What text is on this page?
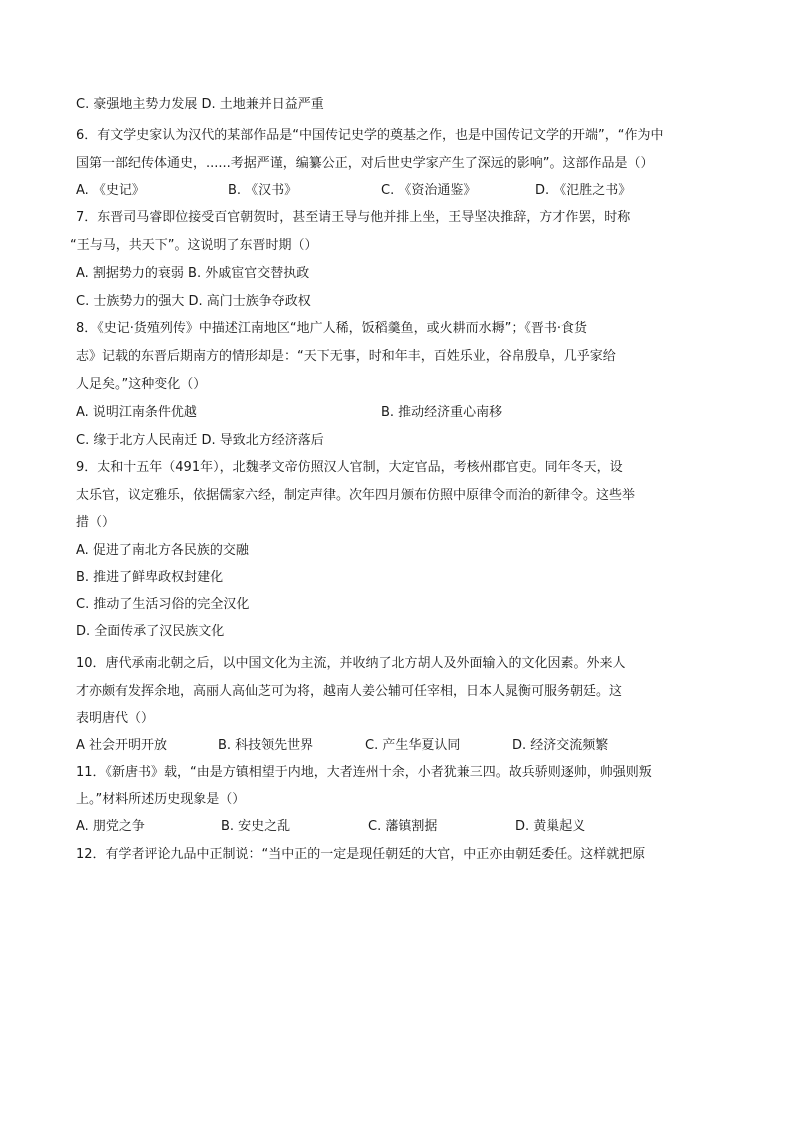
C. 豪强地主势力发展 D. 土地兼并日益严重
6．有文学史家认为汉代的某部作品是“中国传记史学的奠基之作，也是中国传记文学的开端”，“作为中
国第一部纪传体通史，......考据严谨，编纂公正，对后世史学家产生了深远的影响”。这部作品是（）
A. 《史记》	B. 《汉书》	C. 《资治通鉴》	D. 《氾胜之书》
7．东晋司马睿即位接受百官朝贺时，甚至请王导与他并排上坐，王导坚决推辞，方才作罢，时称
“王与马，共天下”。这说明了东晋时期（）
A. 割据势力的衰弱 B. 外戚宦官交替执政
C. 士族势力的强大 D. 高门士族争夺政权
8．《史记·货殖列传》中描述江南地区“地广人稀，饭稻羹鱼，或火耕而水耨”；《晋书·食货
志》记载的东晋后期南方的情形却是：“天下无事，时和年丰，百姓乐业，谷帛殷阜，几乎家给
人足矣。”这种变化（）
A. 说明江南条件优越	B. 推动经济重心南移
C. 缘于北方人民南迁 D. 导致北方经济落后
9．太和十五年（491年），北魏孝文帝仿照汉人官制，大定官品，考核州郡官吏。同年冬天，设
太乐官，议定雅乐，依据儒家六经，制定声律。次年四月颁布仿照中原律令而治的新律令。这些举
措（）
A. 促进了南北方各民族的交融
B. 推进了鲜卑政权封建化
C. 推动了生活习俗的完全汉化
D. 全面传承了汉民族文化
10．唐代承南北朝之后，以中国文化为主流，并收纳了北方胡人及外面输入的文化因素。外来人
才亦颇有发挥余地，高丽人高仙芝可为将，越南人姜公辅可任宰相，日本人晁衡可服务朝廷。这
表明唐代（）
A 社会开明开放	B. 科技领先世界	C. 产生华夏认同	D. 经济交流频繁
11．《新唐书》载，“由是方镇相望于内地，大者连州十余，小者犹兼三四。故兵骄则逐帅，帅强则叛
上。”材料所述历史现象是（）
A. 朋党之争	B. 安史之乱	C. 藩镇割据	D. 黄巢起义
12．有学者评论九品中正制说：“当中正的一定是现任朝廷的大官，中正亦由朝廷委任。这样就把原
